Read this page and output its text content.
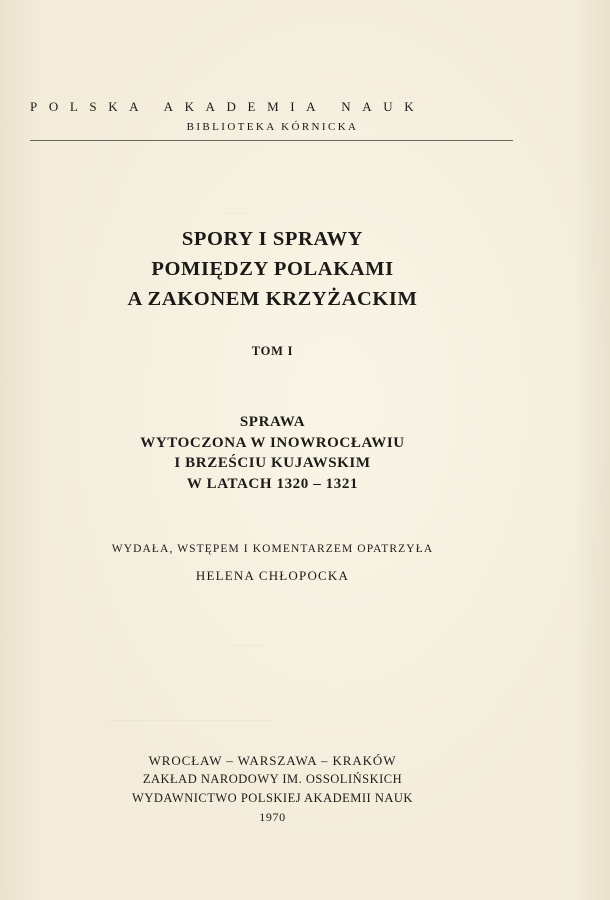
———
————
——————————————————
POLSKA AKADEMIA NAUK
BIBLIOTEKA KÓRNICKA
SPORY I SPRAWY
POMIĘDZY POLAKAMI
A ZAKONEM KRZYŻACKIM
TOM I
SPRAWA
WYTOCZONA W INOWROCŁAWIU
I BRZEŚCIU KUJAWSKIM
W LATACH 1320 – 1321
WYDAŁA, WSTĘPEM I KOMENTARZEM OPATRZYŁA
HELENA CHŁOPOCKA
WROCŁAW – WARSZAWA – KRAKÓW
ZAKŁAD NARODOWY IM. OSSOLIŃSKICH
WYDAWNICTWO POLSKIEJ AKADEMII NAUK
1970
